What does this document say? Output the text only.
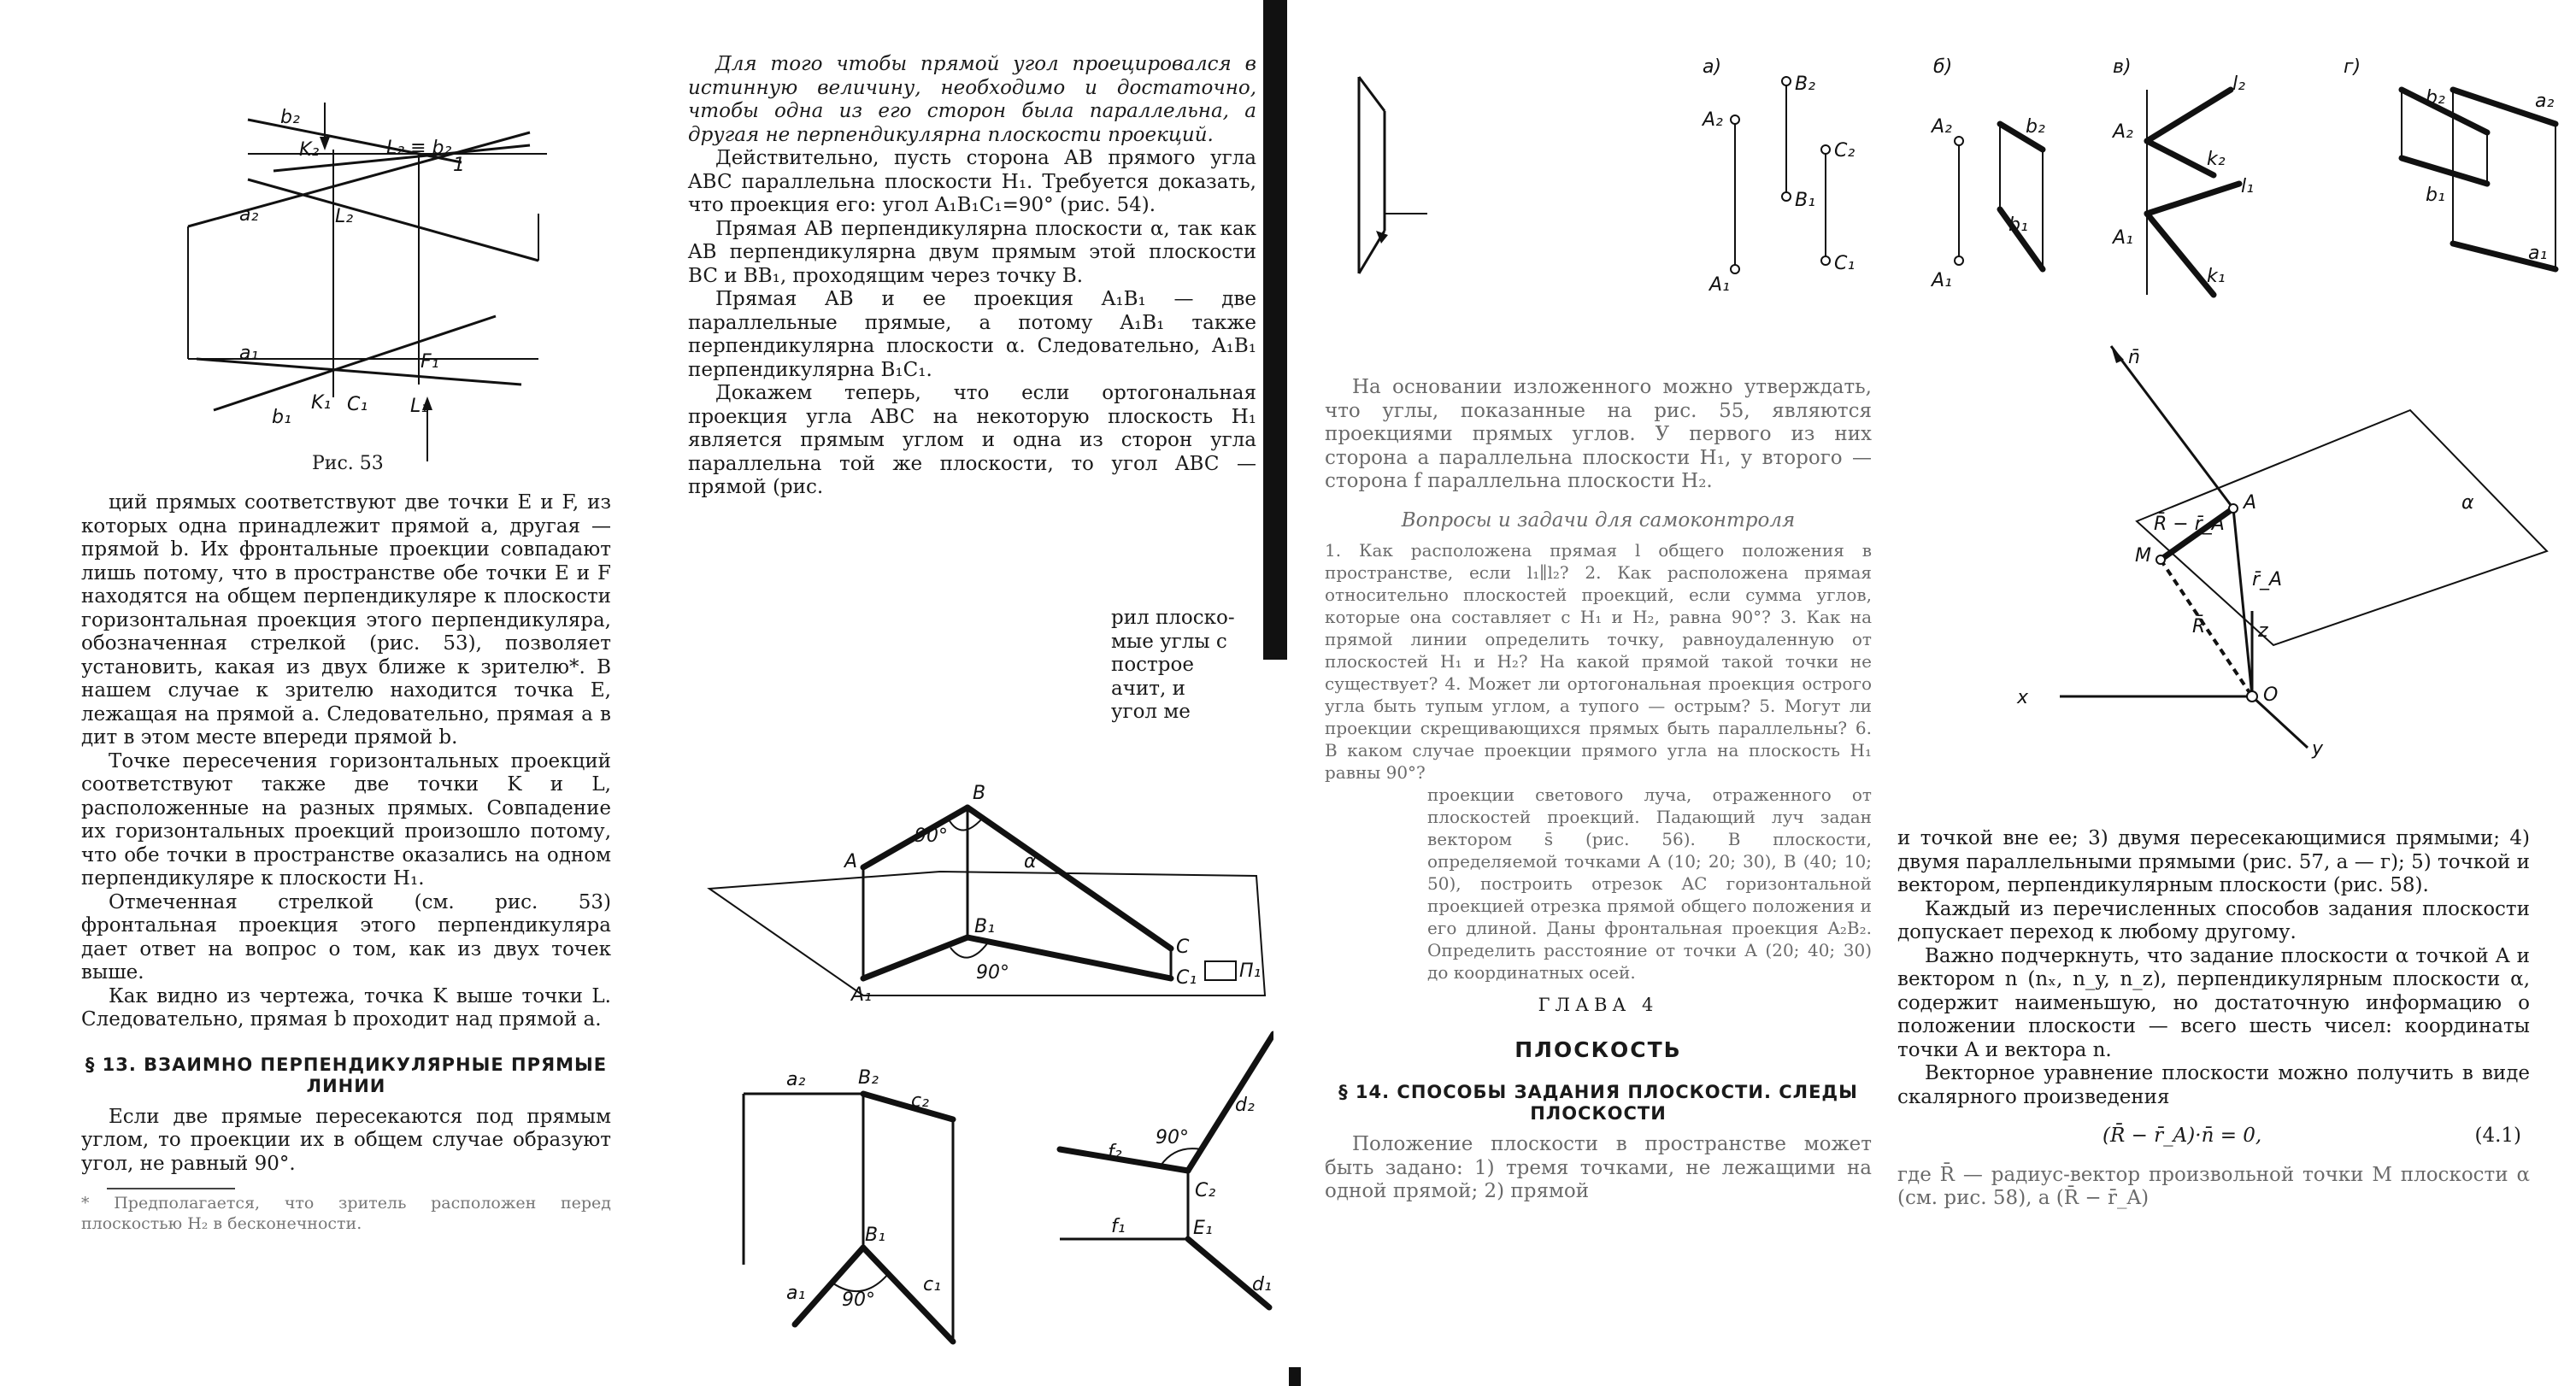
b₂
K₂	L₂ ≡ b₂
1
a₂	L₂
a₁	F₁
K₁ C₁ L₁
b₁
Рис. 53

ций прямых соответствуют две точки E и F, из которых одна принадлежит прямой a, другая — прямой b. Их фронтальные проекции совпадают лишь потому, что в пространстве обе точки E и F находятся на общем перпендикуляре к плоскости горизонтальная проекция этого перпендикуляра, обозначенная стрелкой (рис. 53), позволяет установить, какая из двух ближе к зрителю*. В нашем случае к зрителю находится точка E, лежащая на прямой a. Следовательно, прямая a в дит в этом месте впереди прямой b.

Точке пересечения горизонтальных проекций соответствуют также две точки K и L, расположенные на разных прямых. Совпадение их горизонтальных проекций произошло потому, что обе точки в пространстве оказались на одном перпендикуляре к плоскости H₁.

Отмеченная стрелкой (см. рис. 53) фронтальная проекция этого перпендикуляра дает ответ на вопрос о том, как из двух точек выше.

Как видно из чертежа, точка K выше точки L. Следовательно, прямая b проходит над прямой a.

§ 13. ВЗАИМНО ПЕРПЕНДИКУЛЯРНЫЕ ПРЯМЫЕ ЛИНИИ

Если две прямые пересекаются под прямым углом, то проекции их в общем случае образуют угол, не равный 90°.

* Предполагается, что зритель расположен перед плоскостью H₂ в бесконечности.

Для того чтобы прямой угол проецировался в истинную величину, необходимо и достаточно, чтобы одна из его сторон была параллельна, а другая не перпендикулярна плоскости проекций.

Действительно, пусть сторона AB прямого угла ABC параллельна плоскости H₁. Требуется доказать, что проекция его: угол A₁B₁C₁=90° (рис. 54).

Прямая AB перпендикулярна плоскости α, так как AB перпендикулярна двум прямым этой плоскости BC и BB₁, проходящим через точку B.

Прямая AB и ее проекция A₁B₁ — две параллельные прямые, а потому A₁B₁ также перпендикулярна плоскости α. Следовательно, A₁B₁ перпендикулярна B₁C₁.

Докажем теперь, что если ортогональная проекция угла ABC на некоторую плоскость H₁ является прямым углом и одна из сторон угла параллельна той же плоскости, то угол ABC — прямой (рис.

рил плоско-

мые углы с

построе

ачит, и

угол ме

B
A
90°
α
B₁
90°
C
A₁
C₁ П₁
a₂	B₂
c₂
B₁
a₁ 90°
c₁
d₂
f₂
90°
C₂
f₁	E₁
d₁
а)
A₂
B₂
B₁
C₂
C₁
A₁
б)
A₂	b₂
b₁
A₁
в)
l₂
A₂
k₂
l₁
A₁
k₁
г)
b₂	a₂
b₁
a₁
n̄
A	α
R̄ − r̄_A
M
r̄_A
z
R̄
x	O
y

На основании изложенного можно утверждать, что углы, показанные на рис. 55, являются проекциями прямых углов. У первого из них сторона a параллельна плоскости H₁, у второго — сторона f параллельна плоскости H₂.

Вопросы и задачи для самоконтроля

1. Как расположена прямая l общего положения в пространстве, если l₁∥l₂? 2. Как расположена прямая относительно плоскостей проекций, если сумма углов, которые она составляет с H₁ и H₂, равна 90°? 3. Как на прямой линии определить точку, равноудаленную от плоскостей H₁ и H₂? На какой прямой такой точки не существует? 4. Может ли ортогональная проекция острого угла быть тупым углом, а тупого — острым? 5. Могут ли проекции скрещивающихся прямых быть параллельны? 6. В каком случае проекции прямого угла на плоскость H₁ равны 90°?

проекции светового луча, отраженного от плоскостей проекций. Падающий луч задан вектором s̄ (рис. 56). В плоскости, определяемой точками A (10; 20; 30), B (40; 10; 50), построить отрезок AC горизонтальной проекцией отрезка прямой общего положения и его длиной. Даны фронтальная проекция A₂B₂. Определить расстояние от точки A (20; 40; 30) до координатных осей.

ГЛАВА 4
ПЛОСКОСТЬ
§ 14. СПОСОБЫ ЗАДАНИЯ ПЛОСКОСТИ. СЛЕДЫ ПЛОСКОСТИ

Положение плоскости в пространстве может быть задано: 1) тремя точками, не лежащими на одной прямой; 2) прямой

и точкой вне ее; 3) двумя пересекающимися прямыми; 4) двумя параллельными прямыми (рис. 57, а — г); 5) точкой и вектором, перпендикулярным плоскости (рис. 58).

Каждый из перечисленных способов задания плоскости допускает переход к любому другому.

Важно подчеркнуть, что задание плоскости α точкой A и вектором n (nₓ, n_y, n_z), перпендикулярным плоскости α, содержит наименьшую, но достаточную информацию о положении плоскости — всего шесть чисел: координаты точки A и вектора n.

Векторное уравнение плоскости можно получить в виде скалярного произведения

(R̄ − r̄_A)·n̄ = 0,	(4.1)

где R̄ — радиус-вектор произвольной точки M плоскости α (см. рис. 58), а (R̄ − r̄_A)
